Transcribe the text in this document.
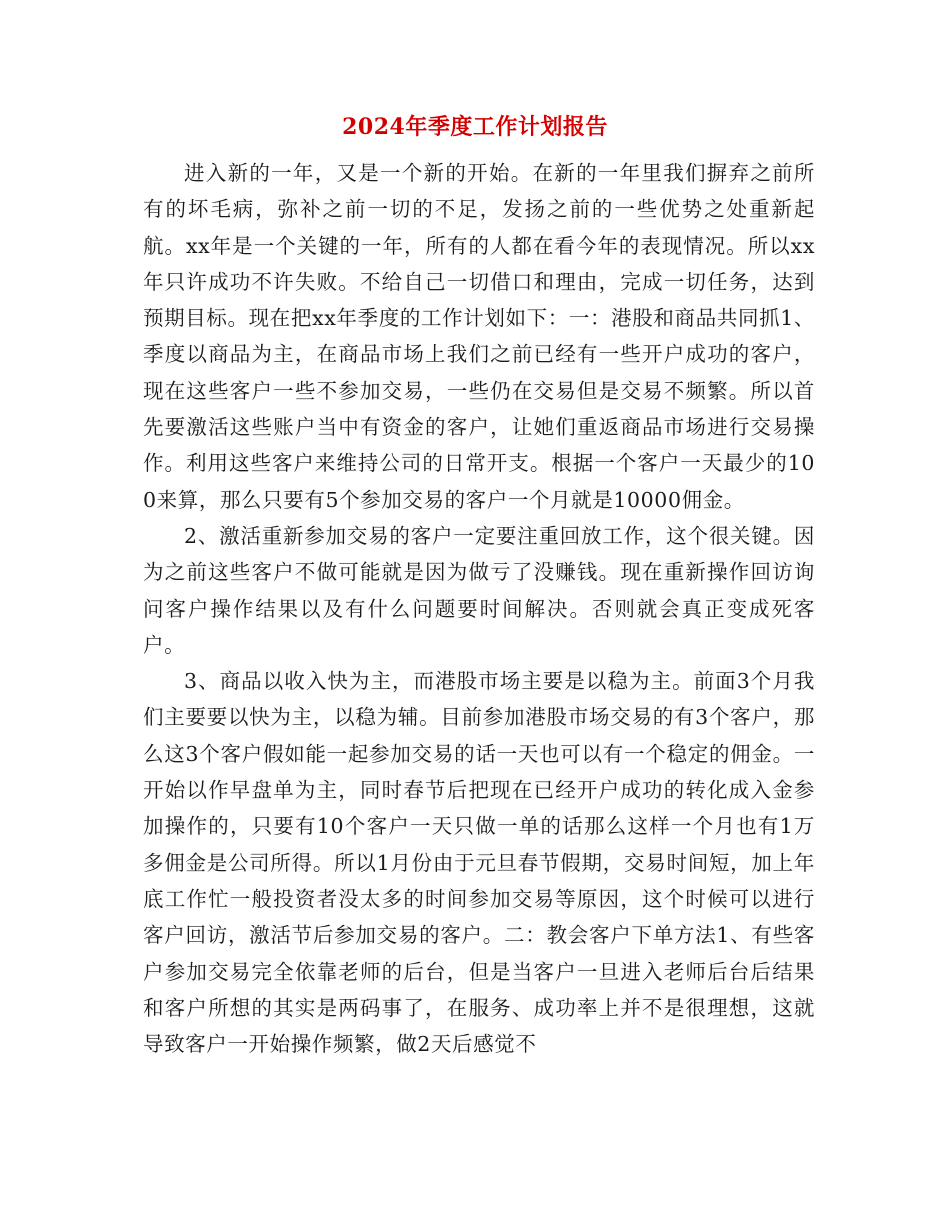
2024年季度工作计划报告

进入新的一年，又是一个新的开始。在新的一年里我们摒弃之前所有的坏毛病，弥补之前一切的不足，发扬之前的一些优势之处重新起航。xx年是一个关键的一年，所有的人都在看今年的表现情况。所以xx年只许成功不许失败。不给自己一切借口和理由，完成一切任务，达到预期目标。现在把xx年季度的工作计划如下：一：港股和商品共同抓1、季度以商品为主，在商品市场上我们之前已经有一些开户成功的客户，现在这些客户一些不参加交易，一些仍在交易但是交易不频繁。所以首先要激活这些账户当中有资金的客户，让她们重返商品市场进行交易操作。利用这些客户来维持公司的日常开支。根据一个客户一天最少的100来算，那么只要有5个参加交易的客户一个月就是10000佣金。

2、激活重新参加交易的客户一定要注重回放工作，这个很关键。因为之前这些客户不做可能就是因为做亏了没赚钱。现在重新操作回访询问客户操作结果以及有什么问题要时间解决。否则就会真正变成死客户。

3、商品以收入快为主，而港股市场主要是以稳为主。前面3个月我们主要要以快为主，以稳为辅。目前参加港股市场交易的有3个客户，那么这3个客户假如能一起参加交易的话一天也可以有一个稳定的佣金。一开始以作早盘单为主，同时春节后把现在已经开户成功的转化成入金参加操作的，只要有10个客户一天只做一单的话那么这样一个月也有1万多佣金是公司所得。所以1月份由于元旦春节假期，交易时间短，加上年底工作忙一般投资者没太多的时间参加交易等原因，这个时候可以进行客户回访，激活节后参加交易的客户。二：教会客户下单方法1、有些客户参加交易完全依靠老师的后台，但是当客户一旦进入老师后台后结果和客户所想的其实是两码事了，在服务、成功率上并不是很理想，这就导致客户一开始操作频繁，做2天后感觉不
